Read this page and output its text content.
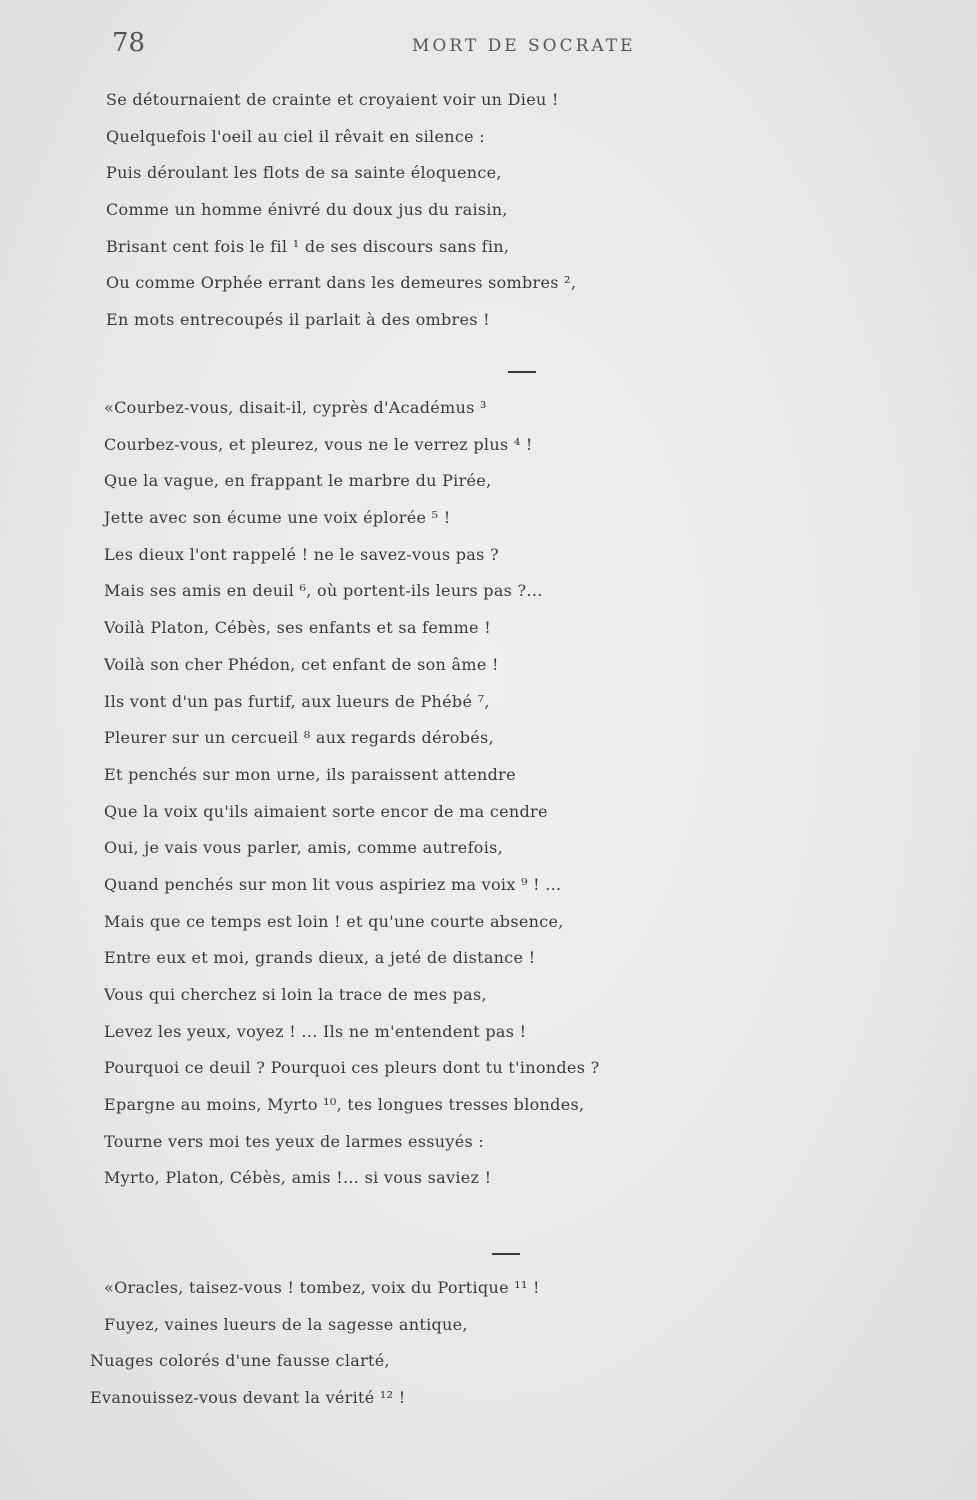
78	MORT DE SOCRATE
Se détournaient de crainte et croyaient voir un Dieu !
Quelquefois l'oeil au ciel il rêvait en silence :
Puis déroulant les flots de sa sainte éloquence,
Comme un homme énivré du doux jus du raisin,
Brisant cent fois le fil ¹ de ses discours sans fin,
Ou comme Orphée errant dans les demeures sombres ²,
En mots entrecoupés il parlait à des ombres !
«Courbez-vous, disait-il, cyprès d'Académus ³
Courbez-vous, et pleurez, vous ne le verrez plus ⁴ !
Que la vague, en frappant le marbre du Pirée,
Jette avec son écume une voix éplorée ⁵ !
Les dieux l'ont rappelé ! ne le savez-vous pas ?
Mais ses amis en deuil ⁶, où portent-ils leurs pas ?...
Voilà Platon, Cébès, ses enfants et sa femme !
Voilà son cher Phédon, cet enfant de son âme !
Ils vont d'un pas furtif, aux lueurs de Phébé ⁷,
Pleurer sur un cercueil ⁸ aux regards dérobés,
Et penchés sur mon urne, ils paraissent attendre
Que la voix qu'ils aimaient sorte encor de ma cendre
Oui, je vais vous parler, amis, comme autrefois,
Quand penchés sur mon lit vous aspiriez ma voix ⁹ ! ...
Mais que ce temps est loin ! et qu'une courte absence,
Entre eux et moi, grands dieux, a jeté de distance !
Vous qui cherchez si loin la trace de mes pas,
Levez les yeux, voyez ! ... Ils ne m'entendent pas !
Pourquoi ce deuil ? Pourquoi ces pleurs dont tu t'inondes ?
Epargne au moins, Myrto ¹⁰, tes longues tresses blondes,
Tourne vers moi tes yeux de larmes essuyés :
Myrto, Platon, Cébès, amis !... si vous saviez !
«Oracles, taisez-vous ! tombez, voix du Portique ¹¹ !
Fuyez, vaines lueurs de la sagesse antique,
Nuages colorés d'une fausse clarté,
Evanouissez-vous devant la vérité ¹² !
